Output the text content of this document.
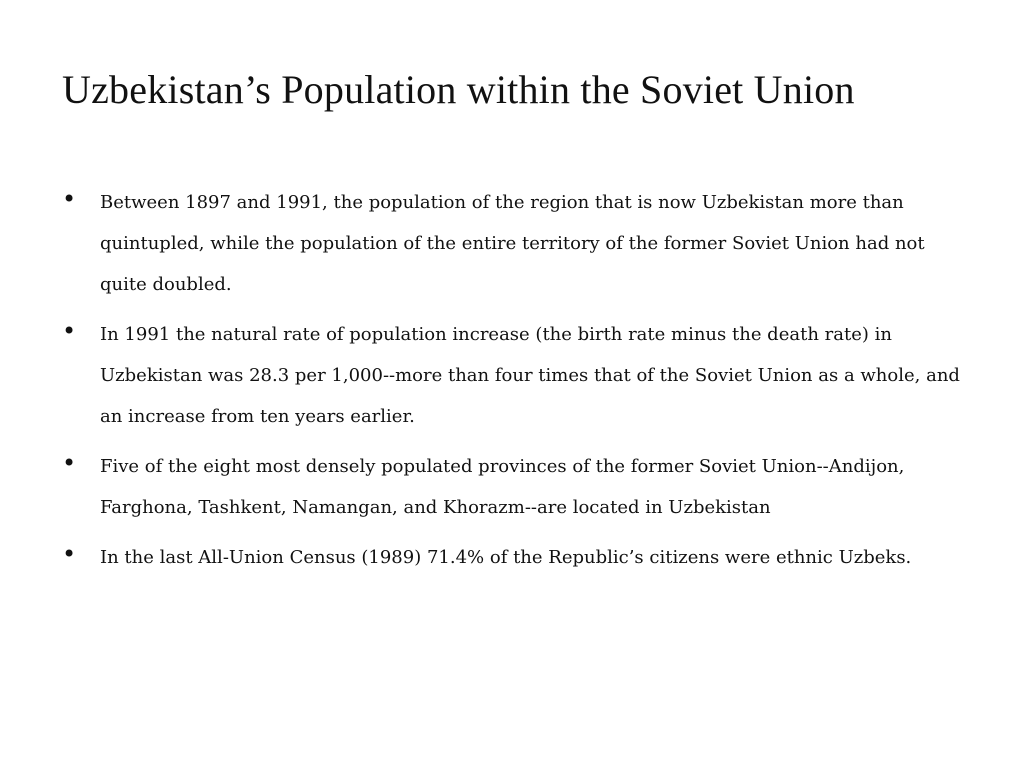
Uzbekistan’s Population within the Soviet Union
• Between 1897 and 1991, the population of the region that is now Uzbekistan more than quintupled, while the population of the entire territory of the former Soviet Union had not quite doubled.
• In 1991 the natural rate of population increase (the birth rate minus the death rate) in Uzbekistan was 28.3 per 1,000--more than four times that of the Soviet Union as a whole, and an increase from ten years earlier.
• Five of the eight most densely populated provinces of the former Soviet Union--Andijon, Farghona, Tashkent, Namangan, and Khorazm--are located in Uzbekistan
• In the last All-Union Census (1989) 71.4% of the Republic’s citizens were ethnic Uzbeks.
